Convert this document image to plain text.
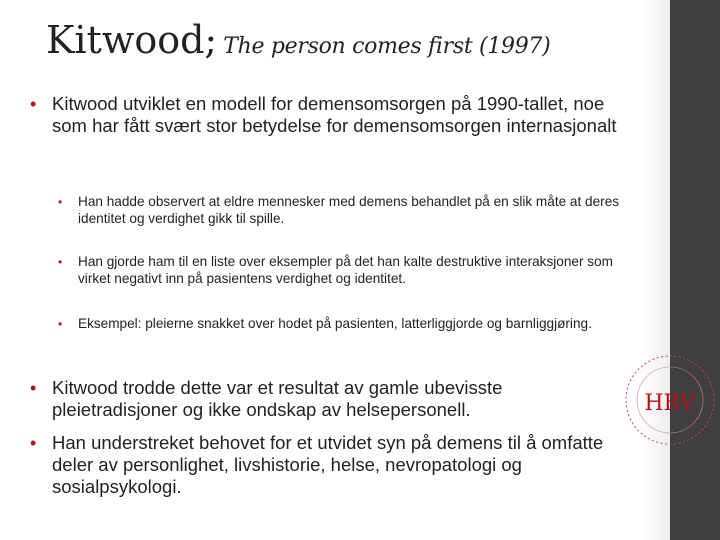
Kitwood; The person comes first (1997)
• Kitwood utviklet en modell for demensomsorgen på 1990-tallet, noe som har fått svært stor betydelse for demensomsorgen internasjonalt
• Han hadde observert at eldre mennesker med demens behandlet på en slik måte at deres identitet og verdighet gikk til spille.
• Han gjorde ham til en liste over eksempler på det han kalte destruktive interaksjoner som virket negativt inn på pasientens verdighet og identitet.
• Eksempel: pleierne snakket over hodet på pasienten, latterliggjorde og barnliggjøring.
• Kitwood trodde dette var et resultat av gamle ubevisste pleietradisjoner og ikke ondskap av helsepersonell.
• Han understreket behovet for et utvidet syn på demens til å omfatte deler av personlighet, livshistorie, helse, nevropatologi og sosialpsykologi.
HBV
